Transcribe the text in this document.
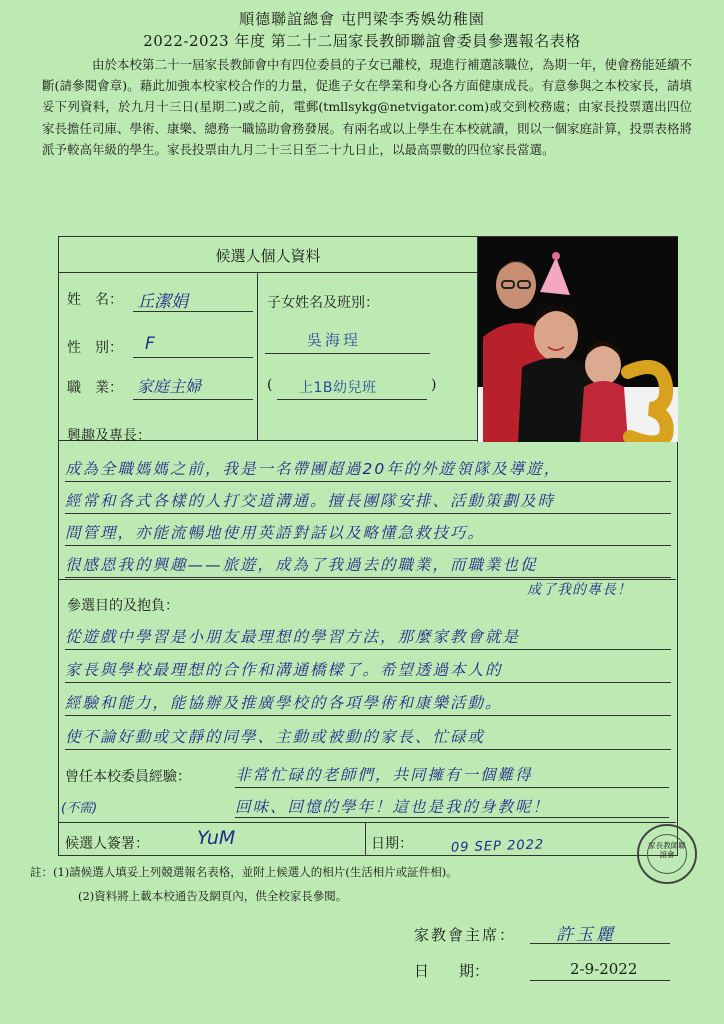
順德聯誼總會 屯門梁李秀娛幼稚園
2022-2023 年度 第二十二屆家長教師聯誼會委員參選報名表格
由於本校第二十一屆家長教師會中有四位委員的子女已離校，現進行補選該職位，為期一年，使會務能延續不斷(請參閱會章)。藉此加強本校家校合作的力量，促進子女在學業和身心各方面健康成長。有意參與之本校家長，請填妥下列資料，於九月十三日(星期二)或之前，電郵(tmllsykg@netvigator.com)或交到校務處；由家長投票選出四位家長擔任司庫、學術、康樂、總務一職協助會務發展。有兩名或以上學生在本校就讀，則以一個家庭計算，投票表格將派予較高年級的學生。家長投票由九月二十三日至二十九日止，以最高票數的四位家長當選。
候選人個人資料
姓　名： 丘潔娟
性　別： F
職　業： 家庭主婦
子女姓名及班別：
吳海珵
( 上1B幼兒班	)
興趣及專長：
成為全職媽媽之前，我是一名帶團超過20年的外遊領隊及導遊，
經常和各式各樣的人打交道溝通。擅長團隊安排、活動策劃及時
間管理，亦能流暢地使用英語對話以及略懂急救技巧。
很感恩我的興趣——旅遊，成為了我過去的職業，而職業也促
成了我的專長！
參選目的及抱負：
從遊戲中學習是小朋友最理想的學習方法，那麼家教會就是
家長與學校最理想的合作和溝通橋樑了。希望透過本人的
經驗和能力，能協辦及推廣學校的各項學術和康樂活動。
使不論好動或文靜的同學、主動或被動的家長、忙碌或
曾任本校委員經驗：	非常忙碌的老師們，共同擁有一個難得
(不需)	回味、回憶的學年！這也是我的身教呢！
候選人簽署：	YuM	日期：	09 SEP 2022	家長教師聯誼會
註：(1)請候選人填妥上列競選報名表格，並附上候選人的相片(生活相片或証件相)。
(2)資料將上載本校通告及網頁內，供全校家長參閱。
家教會主席： 許玉麗
日　　期：	2-9-2022
